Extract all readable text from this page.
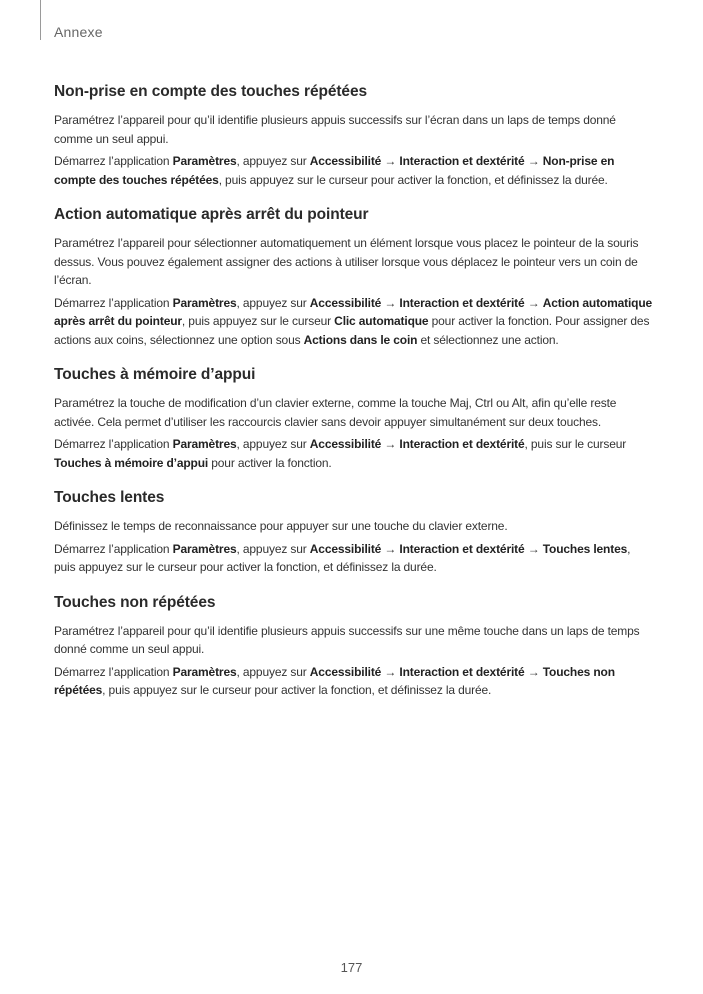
Annexe
Non-prise en compte des touches répétées

Paramétrez l’appareil pour qu’il identifie plusieurs appuis successifs sur l’écran dans un laps de temps donné comme un seul appui.

Démarrez l’application Paramètres, appuyez sur Accessibilité → Interaction et dextérité → Non-prise en compte des touches répétées, puis appuyez sur le curseur pour activer la fonction, et définissez la durée.

Action automatique après arrêt du pointeur

Paramétrez l’appareil pour sélectionner automatiquement un élément lorsque vous placez le pointeur de la souris dessus. Vous pouvez également assigner des actions à utiliser lorsque vous déplacez le pointeur vers un coin de l’écran.

Démarrez l’application Paramètres, appuyez sur Accessibilité → Interaction et dextérité → Action automatique après arrêt du pointeur, puis appuyez sur le curseur Clic automatique pour activer la fonction. Pour assigner des actions aux coins, sélectionnez une option sous Actions dans le coin et sélectionnez une action.

Touches à mémoire d’appui

Paramétrez la touche de modification d’un clavier externe, comme la touche Maj, Ctrl ou Alt, afin qu’elle reste activée. Cela permet d’utiliser les raccourcis clavier sans devoir appuyer simultanément sur deux touches.

Démarrez l’application Paramètres, appuyez sur Accessibilité → Interaction et dextérité, puis sur le curseur Touches à mémoire d’appui pour activer la fonction.

Touches lentes

Définissez le temps de reconnaissance pour appuyer sur une touche du clavier externe.

Démarrez l’application Paramètres, appuyez sur Accessibilité → Interaction et dextérité → Touches lentes, puis appuyez sur le curseur pour activer la fonction, et définissez la durée.

Touches non répétées

Paramétrez l’appareil pour qu’il identifie plusieurs appuis successifs sur une même touche dans un laps de temps donné comme un seul appui.

Démarrez l’application Paramètres, appuyez sur Accessibilité → Interaction et dextérité → Touches non répétées, puis appuyez sur le curseur pour activer la fonction, et définissez la durée.

177
